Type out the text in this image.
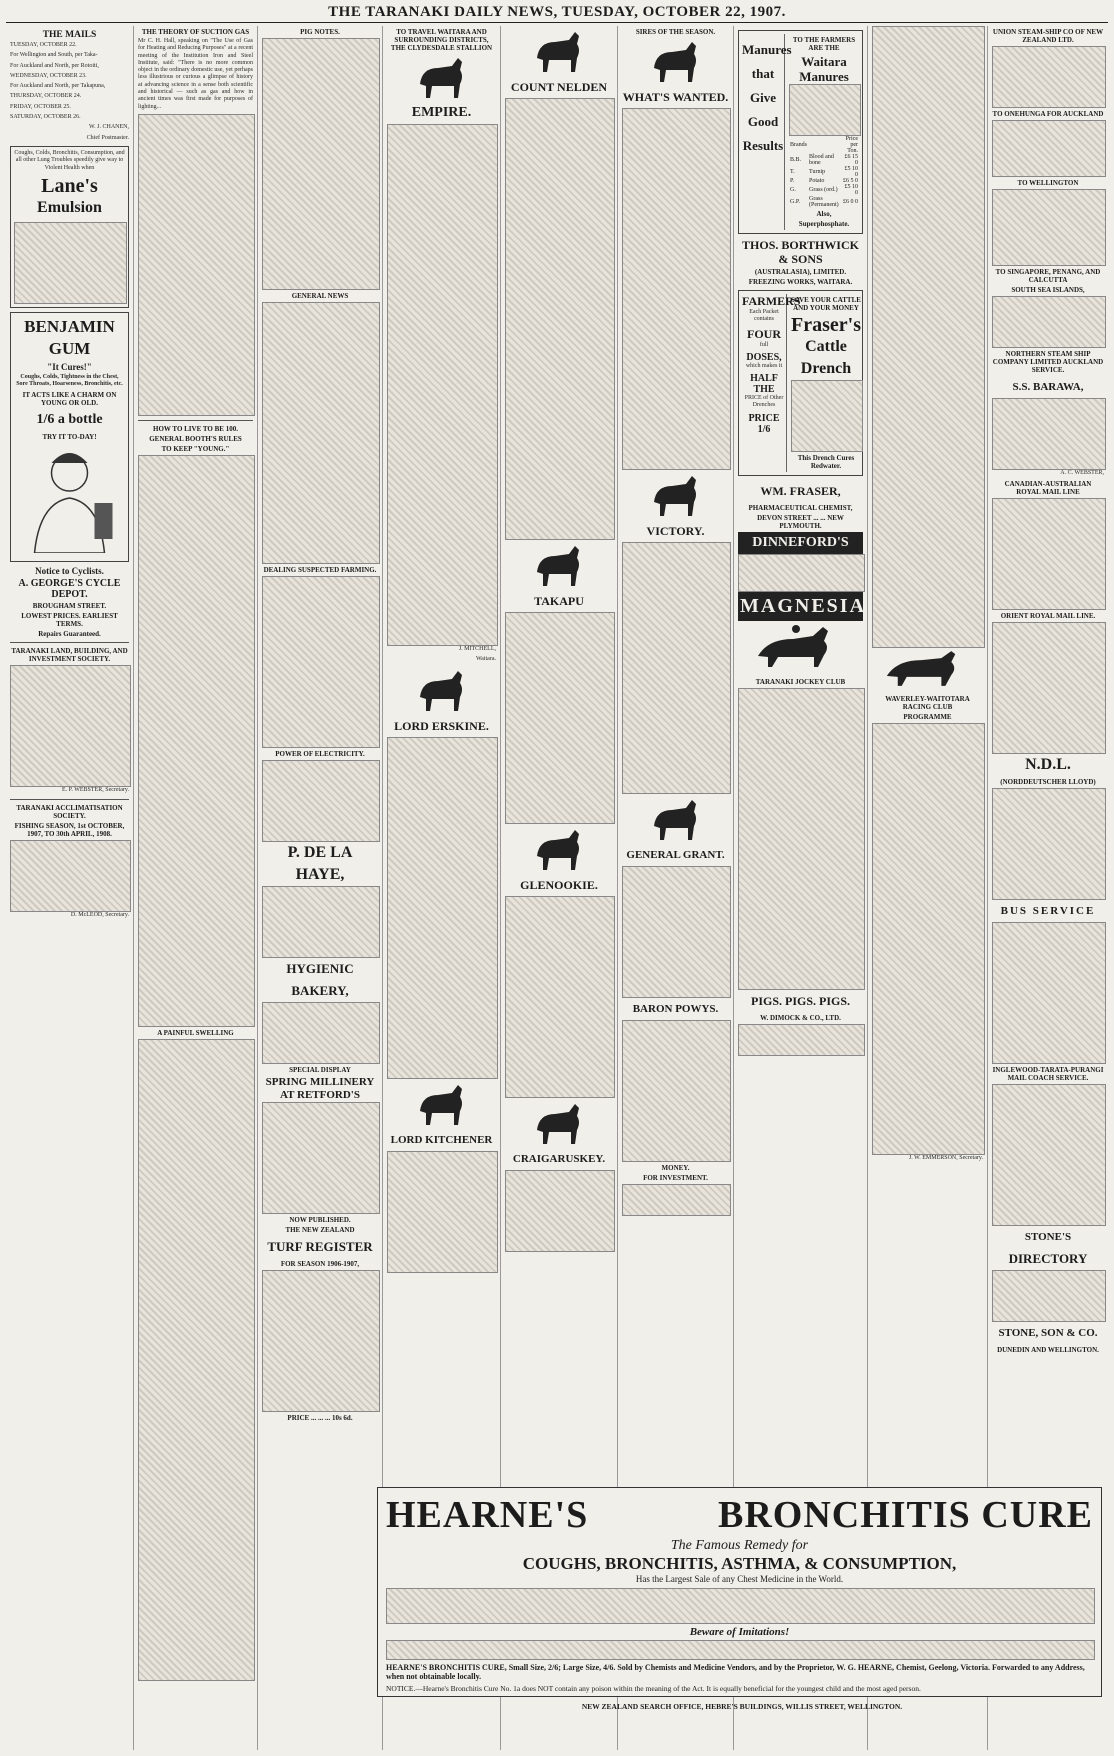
THE TARANAKI DAILY NEWS, TUESDAY, OCTOBER 22, 1907.
THE MAILS
TUESDAY, OCTOBER 22.
For Wellington and South, per Taka-
For Auckland and North, per Rotoiti,
WEDNESDAY, OCTOBER 23.
For Auckland and North, per Takapuna,
THURSDAY, OCTOBER 24.
FRIDAY, OCTOBER 25.
SATURDAY, OCTOBER 26.
W. J. CHANEN,
Chief Postmaster.
Coughs, Colds, Bronchitis, Consumption, and all other Lung Troubles speedily give way to Violent Health when
Lane's
Emulsion
BENJAMIN
GUM
"It Cures!"
Coughs, Colds, Tightness in the Chest, Sore Throats, Hoarseness, Bronchitis, etc.
IT ACTS LIKE A CHARM ON YOUNG OR OLD.
1/6 a bottle
TRY IT TO-DAY!
Notice to Cyclists.
A. GEORGE'S CYCLE DEPOT.
BROUGHAM STREET.
LOWEST PRICES. EARLIEST TERMS.
Repairs Guaranteed.
TARANAKI LAND, BUILDING, AND INVESTMENT SOCIETY.
E. P. WEBSTER, Secretary.
TARANAKI ACCLIMATISATION SOCIETY.
FISHING SEASON, 1st OCTOBER, 1907, TO 30th APRIL, 1908.
D. McLEOD, Secretary.
THE THEORY OF SUCTION GAS
Mr C. H. Hall, speaking on "The Use of Gas for Heating and Reducing Purposes" at a recent meeting of the Institution Iron and Steel Institute, said: "There is no more common object in the ordinary domestic use, yet perhaps less illustrious or curious a glimpse of history at advancing science in a sense both scientific and historical — such as gas and how in ancient times was first made for purposes of lighting...
HOW TO LIVE TO BE 100.
GENERAL BOOTH'S RULES
TO KEEP "YOUNG."
A PAINFUL SWELLING
PIG NOTES.
GENERAL NEWS
DEALING SUSPECTED FARMING.
POWER OF ELECTRICITY.
P. DE LA HAYE,
HYGIENIC BAKERY,
SPECIAL DISPLAY
SPRING MILLINERY AT RETFORD'S
NOW PUBLISHED.
THE NEW ZEALAND
TURF REGISTER
FOR SEASON 1906-1907,
PRICE ... ... ... 10s 6d.
TO TRAVEL WAITARA AND SURROUNDING DISTRICTS, THE CLYDESDALE STALLION
EMPIRE.
J. MITCHELL,
Waitara.
LORD ERSKINE.
LORD KITCHENER
COUNT NELDEN
TAKAPU
GLENOOKIE.
CRAIGARUSKEY.
SIRES OF THE SEASON.
WHAT'S WANTED.
VICTORY.
GENERAL GRANT.
BARON POWYS.
MONEY.
FOR INVESTMENT.
Manures
that
Give
Good
Results
TO THE FARMERS ARE THE
Waitara Manures
Brands		Price per Ton.
B.B.	Blood and bone	£6 15 0
T.	Turnip	£5 10 0
P.	Potato	£6 5 0
G.	Grass (ord.)	£5 10 0
G.P.	Grass (Permanent)	£6 0 0
Also,
Superphosphate.
THOS. BORTHWICK & SONS
(AUSTRALASIA), LIMITED.
FREEZING WORKS, WAITARA.
FARMERS
Each Packet contains
FOUR
full
DOSES,
which makes it
HALF THE
PRICE of Other Drenches
PRICE 1/6
SAVE YOUR CATTLE AND YOUR MONEY
Fraser's
Cattle Drench
This Drench Cures Redwater.
WM. FRASER,
PHARMACEUTICAL CHEMIST,
DEVON STREET ... ... NEW PLYMOUTH.
DINNEFORD'S
MAGNESIA
TARANAKI JOCKEY CLUB
PIGS. PIGS. PIGS.
W. DIMOCK & CO., LTD.
WAVERLEY-WAITOTARA RACING CLUB
PROGRAMME
J. W. EMMERSON, Secretary.
UNION STEAM-SHIP CO OF NEW ZEALAND LTD.
TO ONEHUNGA FOR AUCKLAND
TO WELLINGTON
TO SINGAPORE, PENANG, AND CALCUTTA
SOUTH SEA ISLANDS,
NORTHERN STEAM SHIP COMPANY LIMITED AUCKLAND SERVICE.
S.S. BARAWA,
A. C. WEBSTER,
CANADIAN-AUSTRALIAN ROYAL MAIL LINE
ORIENT ROYAL MAIL LINE.
N.D.L.
(NORDDEUTSCHER LLOYD)
BUS SERVICE
INGLEWOOD-TARATA-PURANGI MAIL COACH SERVICE.
STONE'S
DIRECTORY
STONE, SON & CO.
DUNEDIN AND WELLINGTON.
HEARNE'S	BRONCHITIS CURE
The Famous Remedy for
COUGHS, BRONCHITIS, ASTHMA, & CONSUMPTION,
Has the Largest Sale of any Chest Medicine in the World.
Beware of Imitations!
HEARNE'S BRONCHITIS CURE, Small Size, 2/6; Large Size, 4/6. Sold by Chemists and Medicine Vendors, and by the Proprietor, W. G. HEARNE, Chemist, Geelong, Victoria. Forwarded to any Address, when not obtainable locally.
NOTICE.—Hearne's Bronchitis Cure No. 1a does NOT contain any poison within the meaning of the Act. It is equally beneficial for the youngest child and the most aged person.
NEW ZEALAND SEARCH OFFICE, HEBRE'S BUILDINGS, WILLIS STREET, WELLINGTON.
